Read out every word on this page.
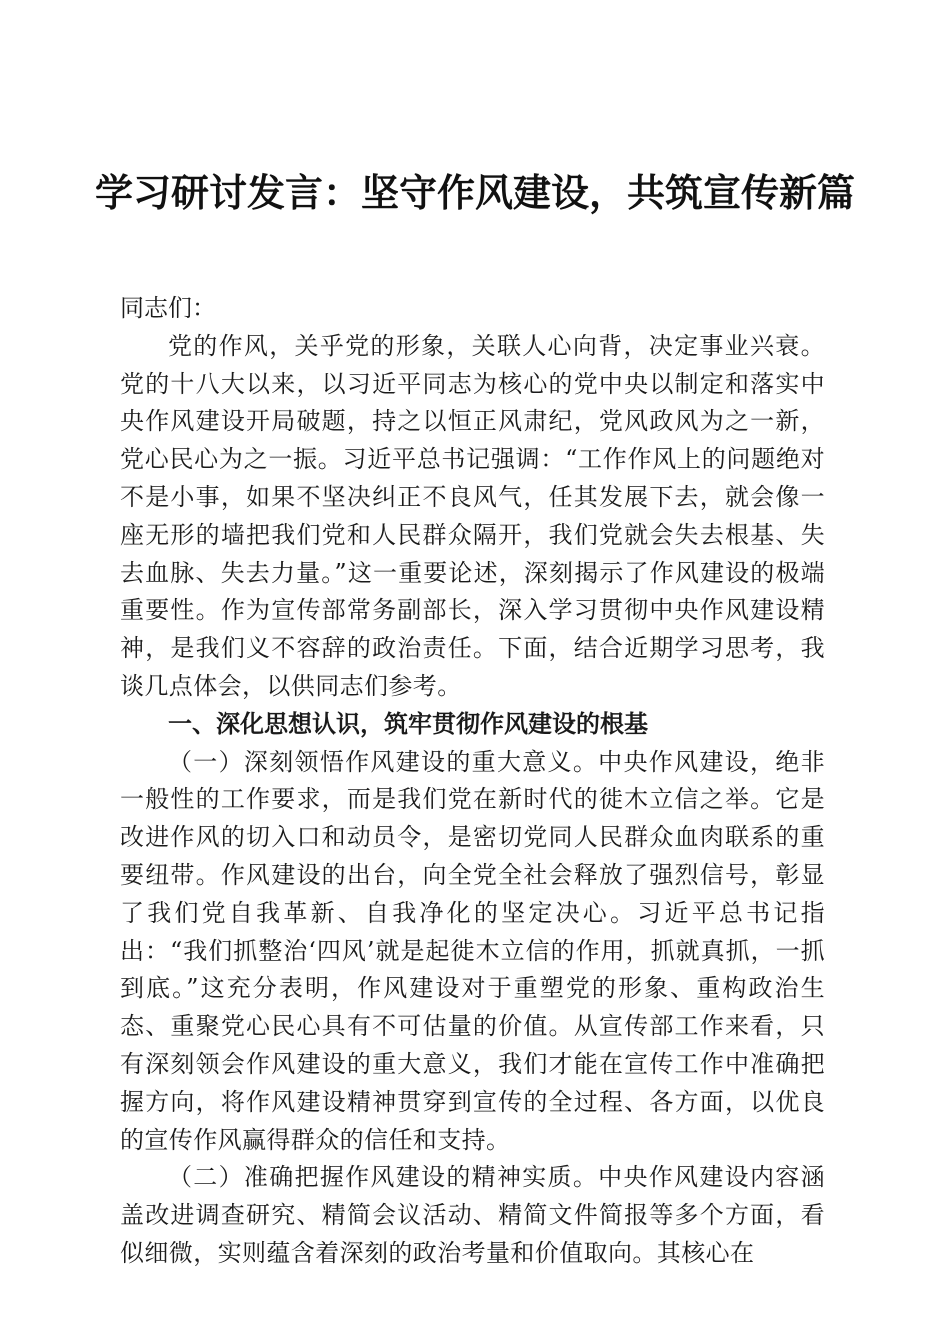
学习研讨发言：坚守作风建设，共筑宣传新篇

同志们：

党的作风，关乎党的形象，关联人心向背，决定事业兴衰。党的十八大以来，以习近平同志为核心的党中央以制定和落实中央作风建设开局破题，持之以恒正风肃纪，党风政风为之一新，党心民心为之一振。习近平总书记强调：“工作作风上的问题绝对不是小事，如果不坚决纠正不良风气，任其发展下去，就会像一座无形的墙把我们党和人民群众隔开，我们党就会失去根基、失去血脉、失去力量。”这一重要论述，深刻揭示了作风建设的极端重要性。作为宣传部常务副部长，深入学习贯彻中央作风建设精神，是我们义不容辞的政治责任。下面，结合近期学习思考，我谈几点体会，以供同志们参考。

一、深化思想认识，筑牢贯彻作风建设的根基

（一）深刻领悟作风建设的重大意义。中央作风建设，绝非一般性的工作要求，而是我们党在新时代的徙木立信之举。它是改进作风的切入口和动员令，是密切党同人民群众血肉联系的重要纽带。作风建设的出台，向全党全社会释放了强烈信号，彰显了我们党自我革新、自我净化的坚定决心。习近平总书记指出：“我们抓整治‘四风’就是起徙木立信的作用，抓就真抓，一抓到底。”这充分表明，作风建设对于重塑党的形象、重构政治生态、重聚党心民心具有不可估量的价值。从宣传部工作来看，只有深刻领会作风建设的重大意义，我们才能在宣传工作中准确把握方向，将作风建设精神贯穿到宣传的全过程、各方面，以优良的宣传作风赢得群众的信任和支持。

（二）准确把握作风建设的精神实质。中央作风建设内容涵盖改进调查研究、精简会议活动、精简文件简报等多个方面，看似细微，实则蕴含着深刻的政治考量和价值取向。其核心在
